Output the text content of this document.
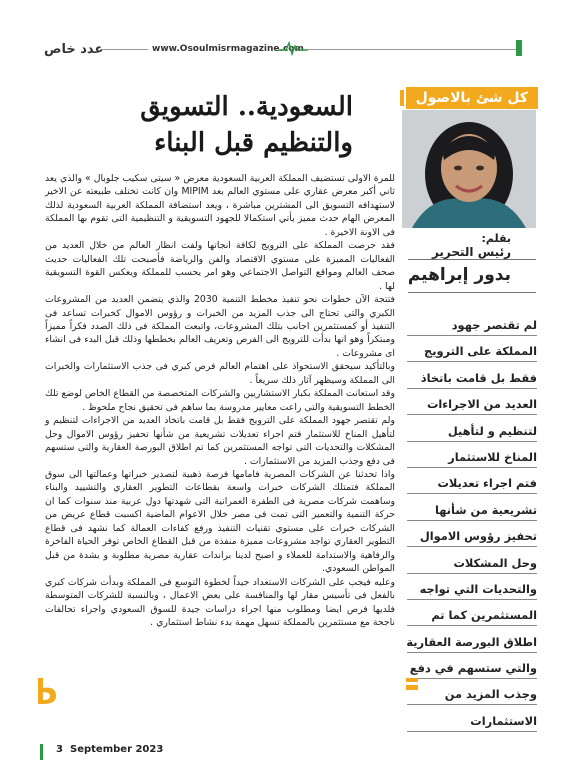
عدد خاص	www.Osoulmisrmagazine.com
كل شئ بالاصول
السعودية.. التسويق
والتنظيم قبل البناء
بقلم:
رئيس التحرير
بدور إبراهيم

للمرة الاولى تستضيف المملكة العربية السعودية معرض « سيتى سكيب جلوبال » والذي يعد ثاني أكبر معرض عقاري على مستوي العالم بعد MIPIM وان كانت تختلف طبيعته عن الاخير لاستهدافه التسويق الى المشترين مباشرة ، ويعد استضافة المملكة العربية السعودية لذلك المعرض الهام حدث مميز يأتي استكمالا للجهود التسويقية و التنظيمية التى تقوم بها المملكة فى الاونة الاخيرة .

فقد حرصت المملكة على الترويج لكافة انجاتها ولفت انظار العالم من خلال العديد من الفعاليات المميزة على مستوي الاقتصاد والفن والرياضة فأصبحت تلك الفعاليات حديث صحف العالم ومواقع التواصل الاجتماعي وهو امر يحسب للمملكة ويعكس القوة التسويقية لها .

فتتجة الآن خطوات نحو تنفيذ مخطط التنمية 2030 والذي يتضمن العديد من المشروعات الكبري والتى تحتاج الى جذب المزيد من الخبرات و رؤوس الاموال كخبرات تساعد فى التنفيذ أو كمستثمرين اجانب بتلك المشروعات، واتبعت المملكة فى ذلك الصدد فكراً مميزاً ومبتكراً وهو انها بدأت للترويج الى الفرص وتعريف العالم بخططها وذلك قبل البدء فى انشاء اى مشروعات .

وبالتأكيد سيحقق الاستحواذ على اهتمام العالم فرص كبري فى جذب الاستثمارات والخبرات الى المملكة وسيظهر آثار ذلك سريعاً .

وقد استعانت المملكة بكبار الاستشاريين والشركات المتخصصة من القطاع الخاص لوضع تلك الخطط التسويقية والتى راعت معايير مدروسة بما ساهم فى تحقيق نجاح ملحوظ .

ولم تقتصر جهود المملكة على الترويج فقط بل قامت باتخاذ العديد من الاجراءات لتنظيم و لتأهيل المناخ للاستثمار فتم اجراء تعديلات تشريعية من شأنها تحفيز رؤوس الاموال وحل المشكلات والتحديات التى تواجه المستثمرين كما تم اطلاق البورصة العقارية والتى ستسهم فى دفع وجذب المزيد من الاستثمارات .

واذا تحدثنا عن الشركات المصرية فامامها فرصة ذهبية لتصدير خبراتها وعمالتها الى سوق المملكة فتمتلك الشركات خبرات واسعة بقطاعات التطوير العقاري والتشييد والبناء وساهمت شركات مصرية فى الطفرة العمرانية التى شهدتها دول عربية منذ سنوات كما ان حركة التنمية والتعمير التى تمت فى مصر خلال الاعوام الماضية اكسبت قطاع عريض من الشركات خبرات على مستوي تقنيات التنفيذ ورفع كفاءات العمالة كما نشهد فى قطاع التطوير العقاري تواجد مشروعات مميزة منفذة من قبل القطاع الخاص توفر الحياة الفاخرة والرفاهية والاستدامة للعملاء و اصبح لدينا براندات عقارية مصرية مطلوبة و بشدة من قبل المواطن السعودي.

وعليه فيجب على الشركات الاستعداد جيداً لخطوة التوسع فى المملكة وبدأت شركات كبري بالفعل فى تأسيس مقار لها والمنافسة على بعض الاعمال ، وبالنسبة للشركات المتوسطة فلديها فرص ايضا ومطلوب منها اجراء دراسات جيدة للسوق السعودي واجراء تحالفات ناجحة مع مستثمرين بالمملكة تسهل مهمة بدء نشاط استثماري .

لم تقتصر جهود
المملكة على الترويج
فقط بل قامت باتخاذ
العديد من الاجراءات
لتنظيم و لتأهيل
المناخ للاستثمار
فتم اجراء تعديلات
تشريعية من شأنها
تحفيز رؤوس الاموال
وحل المشكلات
والتحديات التي تواجه
المستثمرين كما تم
اطلاق البورصة العقارية
والتي ستسهم في دفع
وجذب المزيد من
الاستثمارات
3 September 2023
